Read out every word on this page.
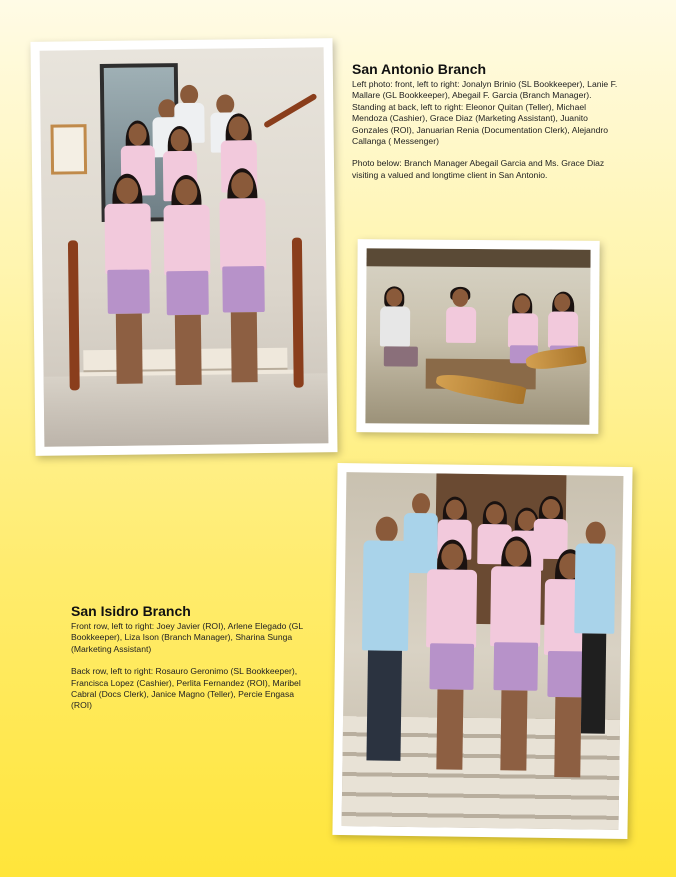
San Antonio Branch

Left photo: front, left to right: Jonalyn Brinio (SL Bookkeeper), Lanie F. Mallare (GL Bookkeeper), Abegail F. Garcia (Branch Manager).

Standing at back, left to right: Eleonor Quitan (Teller), Michael Mendoza (Cashier), Grace Diaz (Marketing Assistant), Juanito Gonzales (ROI), Januarian Renia (Documentation Clerk), Alejandro Callanga ( Messenger)

Photo below: Branch Manager Abegail Garcia and Ms. Grace Diaz visiting a valued and longtime client in San Antonio.

San Isidro Branch

Front row, left to right: Joey Javier (ROI), Arlene Elegado (GL Bookkeeper), Liza Ison (Branch Manager), Sharina Sunga (Marketing Assistant)

Back row, left to right: Rosauro Geronimo (SL Bookkeeper), Francisca Lopez (Cashier), Perlita Fernandez (ROI), Maribel Cabral (Docs Clerk), Janice Magno (Teller), Percie Engasa (ROI)
